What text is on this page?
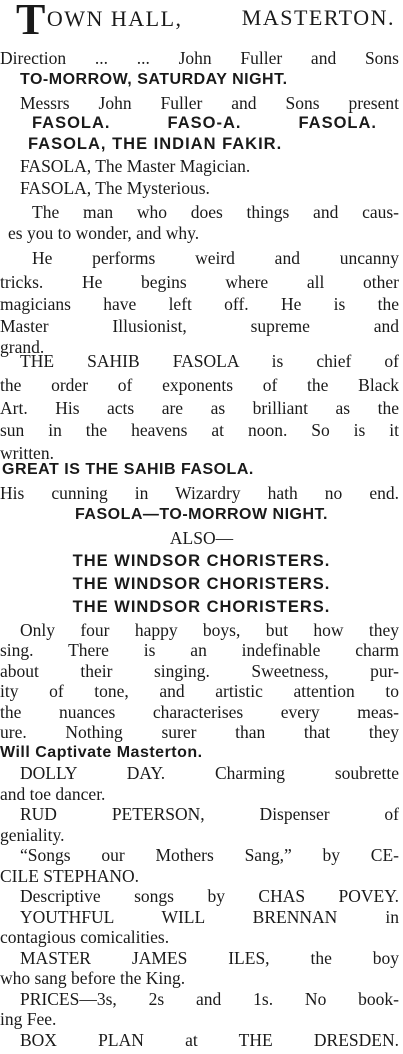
TOWN HALL,	MASTERTON.
Direction ... ... John Fuller and Sons
TO-MORROW, SATURDAY NIGHT.
Messrs John Fuller and Sons present
FASOLA. FASO-A. FASOLA.
FASOLA, THE INDIAN FAKIR.
FASOLA, The Master Magician.
FASOLA, The Mysterious.
The man who does things and caus-
es you to wonder, and why.
He performs weird and uncanny
tricks. He begins where all other
magicians have left off. He is the
Master Illusionist, supreme and
grand.
THE SAHIB FASOLA is chief of
the order of exponents of the Black
Art. His acts are as brilliant as the
sun in the heavens at noon. So is it
written.
GREAT IS THE SAHIB FASOLA.
His cunning in Wizardry hath no end.
FASOLA—TO-MORROW NIGHT.
ALSO—
THE WINDSOR CHORISTERS.
THE WINDSOR CHORISTERS.
THE WINDSOR CHORISTERS.
Only four happy boys, but how they
sing. There is an indefinable charm
about their singing. Sweetness, pur-
ity of tone, and artistic attention to
the nuances characterises every meas-
ure. Nothing surer than that they
Will Captivate Masterton.
DOLLY DAY. Charming soubrette
and toe dancer.
RUD PETERSON, Dispenser of
geniality.
“Songs our Mothers Sang,” by CE-
CILE STEPHANO.
Descriptive songs by CHAS POVEY.
YOUTHFUL WILL BRENNAN in
contagious comicalities.
MASTER JAMES ILES, the boy
who sang before the King.
PRICES—3s, 2s and 1s. No book-
ing Fee.
BOX PLAN at THE DRESDEN.
